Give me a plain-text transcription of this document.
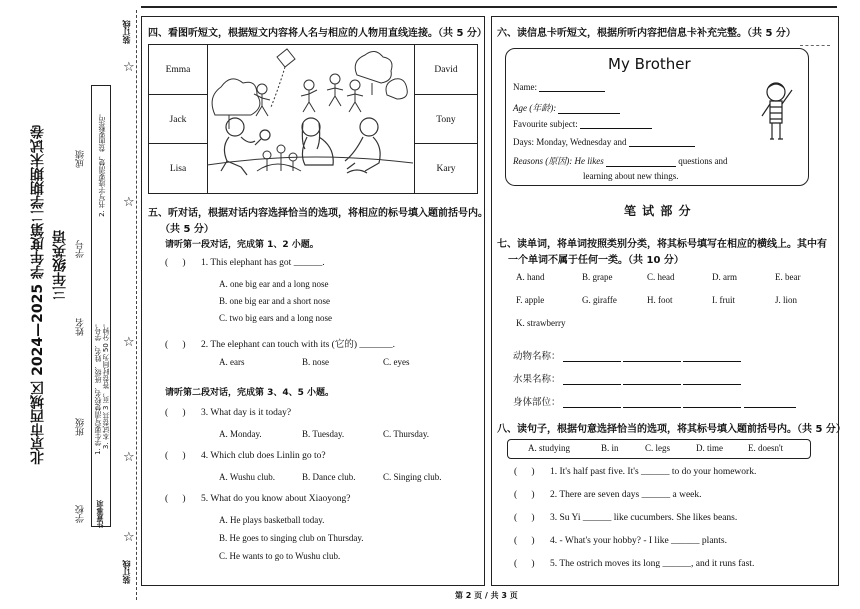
装订线
装订线
☆
☆
☆
☆
☆
北京市西城区 2024—2025 学年度第二学期期末试卷 三年级英语
学校
班级
姓名
学号
成绩
注意事项
1. 学生要写清楚校名、班级、姓名、学号。 3. 本试卷共 3 页，答卷时间为 50 分钟。
2. 书写字迹要清楚，卷面要整洁。
四、看图听短文，根据短文内容将人名与相应的人物用直线连接。（共 5 分）
Emma
Jack
Lisa
David
Tony
Kary
五、听对话，根据对话内容选择恰当的选项，将相应的标号填入题前括号内。
（共 5 分）
请听第一段对话，完成第 1、2 小题。
( ) 1. This elephant has got ______.
A. one big ear and a long nose
B. one big ear and a short nose
C. two big ears and a long nose
( ) 2. The elephant can touch with its (它的) _______.
A. ears	B. nose	C. eyes
请听第二段对话，完成第 3、4、5 小题。
( ) 3. What day is it today?
A. Monday.	B. Tuesday.	C. Thursday.
( ) 4. Which club does Linlin go to?
A. Wushu club.	B. Dance club.	C. Singing club.
( ) 5. What do you know about Xiaoyong?
A. He plays basketball today.
B. He goes to singing club on Thursday.
C. He wants to go to Wushu club.
六、读信息卡听短文，根据所听内容把信息卡补充完整。（共 5 分）
My Brother
Name:
Age (年龄):
Favourite subject:
Days: Monday, Wednesday and
Reasons (原因): He likes	questions and
learning about new things.
笔 试 部 分
七、读单词，将单词按照类别分类，将其标号填写在相应的横线上。其中有
一个单词不属于任何一类。（共 10 分）
A. hand	B. grape	C. head	D. arm	E. bear
F. apple	G. giraffe	H. foot	I. fruit	J. lion
K. strawberry
动物名称：
水果名称：
身体部位：
八、读句子，根据句意选择恰当的选项，将其标号填入题前括号内。（共 5 分）
A. studying	B. in	C. legs	D. time	E. doesn't
( ) 1. It's half past five. It's ______ to do your homework.
( ) 2. There are seven days ______ a week.
( ) 3. Su Yi ______ like cucumbers. She likes beans.
( ) 4. - What's your hobby? - I like ______ plants.
( ) 5. The ostrich moves its long ______, and it runs fast.
第 2 页 / 共 3 页
